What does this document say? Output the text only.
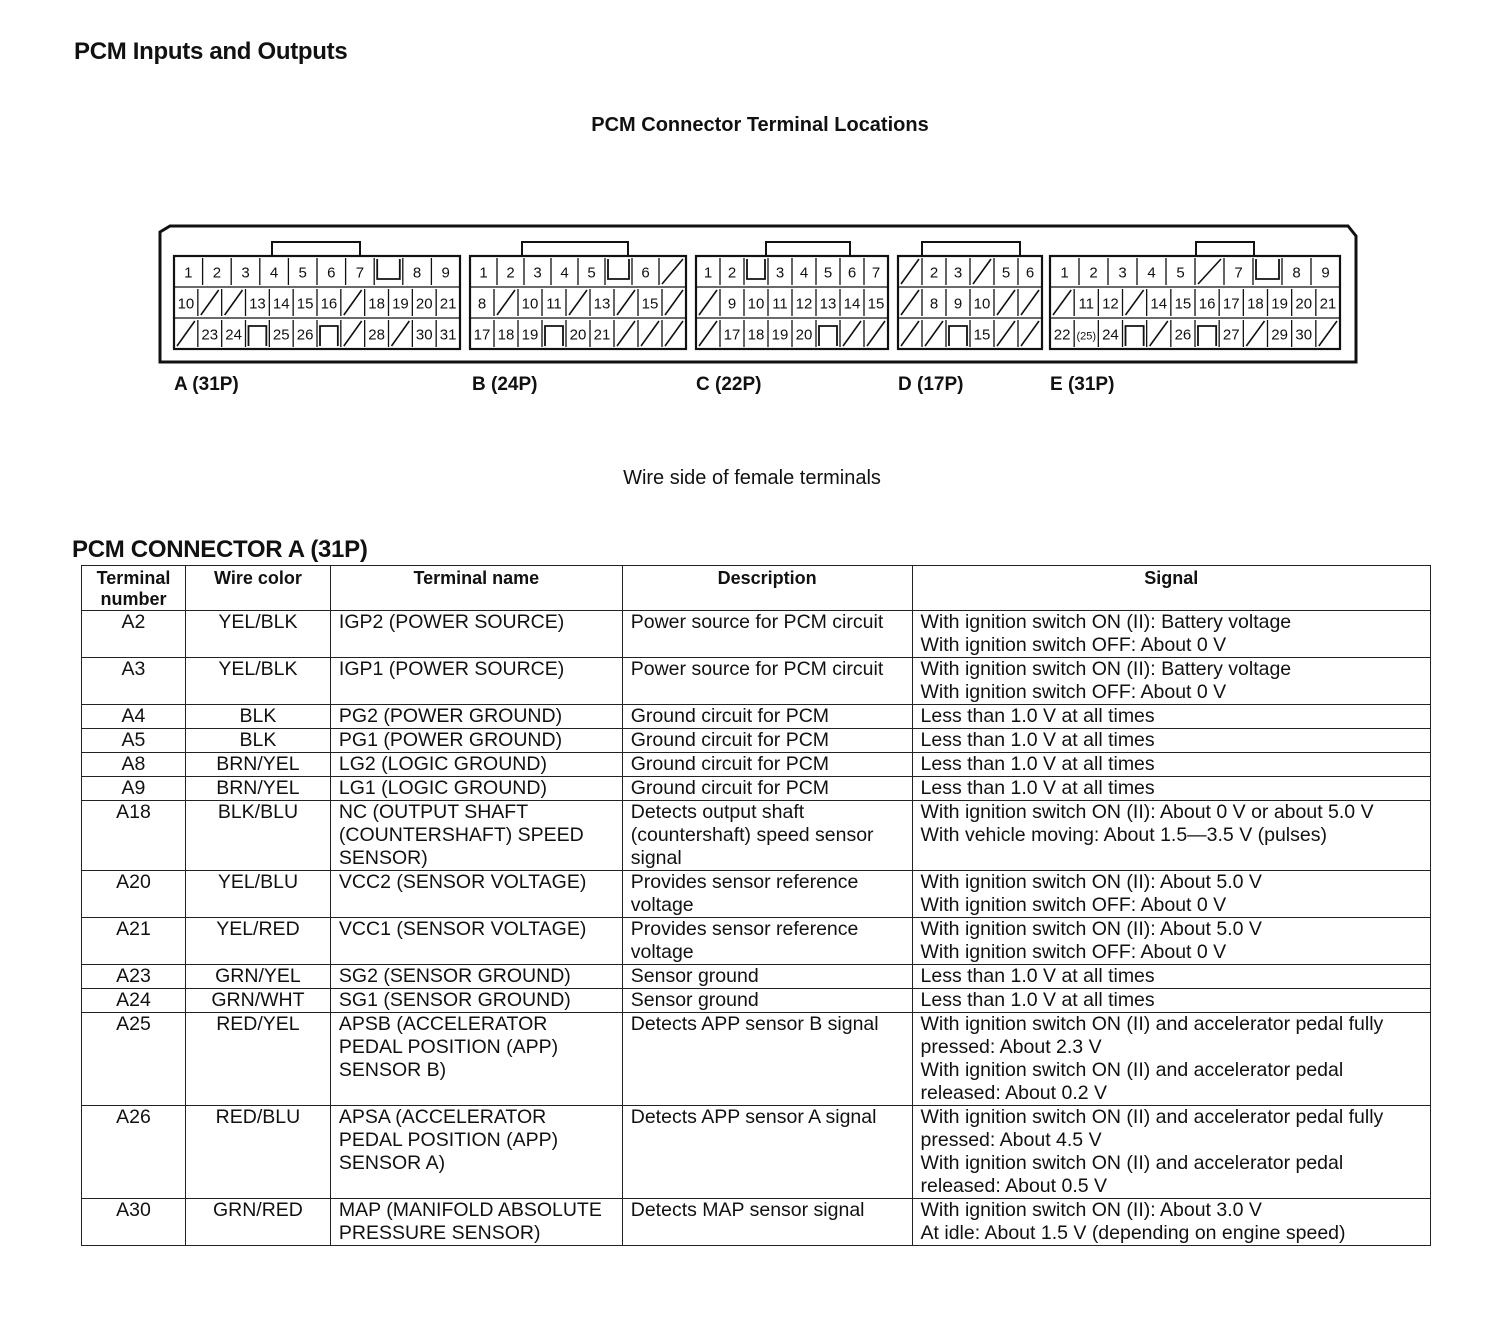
PCM Inputs and Outputs
PCM Connector Terminal Locations
1 2 3 4 5 6 7	8 9
10	13 14 15 16 18 19 20 21
23 24 25 26	28 30 31
A (31P)
1 2 3 4 5	6
8 10 11 13 15
17 18 19 20 21
B (24P)
1 2	3 4 5 6 7
9 10 11 12 13 14 15
17 18 19 20
C (22P)
2 3	5 6
8 9 10
15
D (17P)
1 2 3 4 5	7	8 9
11 12 14 15 16 17 18 19 20 21
22 (25) 24	26 27 29 30
E (31P)
Wire side of female terminals
PCM CONNECTOR A (31P)
Terminal number	Wire color	Terminal name	Description	Signal
A2	YEL/BLK	IGP2 (POWER SOURCE)	Power source for PCM circuit	With ignition switch ON (II): Battery voltage
With ignition switch OFF: About 0 V

A3	YEL/BLK	IGP1 (POWER SOURCE)	Power source for PCM circuit	With ignition switch ON (II): Battery voltage
With ignition switch OFF: About 0 V

A4	BLK	PG2 (POWER GROUND)	Ground circuit for PCM	Less than 1.0 V at all times

A5	BLK	PG1 (POWER GROUND)	Ground circuit for PCM	Less than 1.0 V at all times

A8	BRN/YEL	LG2 (LOGIC GROUND)	Ground circuit for PCM	Less than 1.0 V at all times

A9	BRN/YEL	LG1 (LOGIC GROUND)	Ground circuit for PCM	Less than 1.0 V at all times

A18	BLK/BLU	NC (OUTPUT SHAFT (COUNTERSHAFT) SPEED SENSOR)	Detects output shaft (countershaft) speed sensor signal	With ignition switch ON (II): About 0 V or about 5.0 V
With vehicle moving: About 1.5—3.5 V (pulses)

A20	YEL/BLU	VCC2 (SENSOR VOLTAGE)	Provides sensor reference voltage	With ignition switch ON (II): About 5.0 V
With ignition switch OFF: About 0 V

A21	YEL/RED	VCC1 (SENSOR VOLTAGE)	Provides sensor reference voltage	With ignition switch ON (II): About 5.0 V
With ignition switch OFF: About 0 V

A23	GRN/YEL	SG2 (SENSOR GROUND)	Sensor ground	Less than 1.0 V at all times

A24	GRN/WHT	SG1 (SENSOR GROUND)	Sensor ground	Less than 1.0 V at all times

A25	RED/YEL	APSB (ACCELERATOR PEDAL POSITION (APP) SENSOR B)	Detects APP sensor B signal	With ignition switch ON (II) and accelerator pedal fully pressed: About 2.3 V
With ignition switch ON (II) and accelerator pedal released: About 0.2 V

A26	RED/BLU	APSA (ACCELERATOR PEDAL POSITION (APP) SENSOR A)	Detects APP sensor A signal	With ignition switch ON (II) and accelerator pedal fully pressed: About 4.5 V
With ignition switch ON (II) and accelerator pedal released: About 0.5 V

A30	GRN/RED	MAP (MANIFOLD ABSOLUTE PRESSURE SENSOR)	Detects MAP sensor signal	With ignition switch ON (II): About 3.0 V
At idle: About 1.5 V (depending on engine speed)
